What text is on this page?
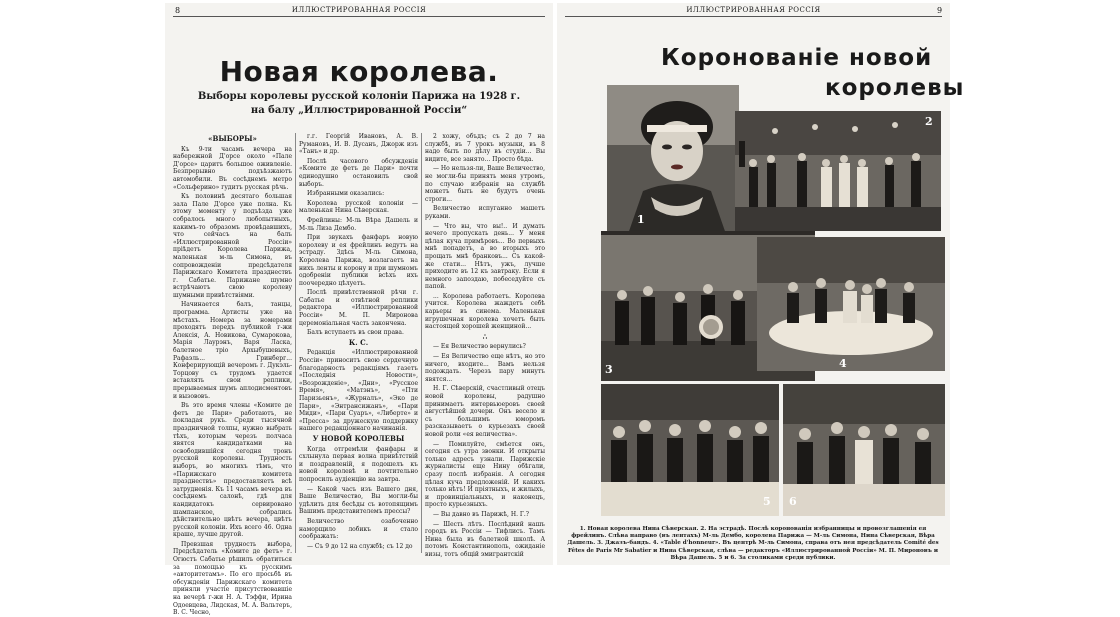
8	ИЛЛЮСТРИРОВАННАЯ РОССIЯ
Новая королева.
Выборы королевы русской колонiи Парижа на 1928 г.
на балу „Иллюстрированной Россiи“
«ВЫБОРЫ»

Къ 9-ти часамъ вечера на набережной Д'орсе около «Пале Д'орсе» царитъ большое оживленiе. Безпрерывно подъѣзжаютъ автомобили. Въ сосѣднемъ метро «Сольферино» гудитъ русская рѣчь.

Къ половинѣ десятаго большая зала Пале Д'орсе уже полна. Къ этому моменту у подъѣзда уже собралось много любопытныхъ, какимъ-то образомъ провѣдавшихъ, что сейчасъ на балъ «Иллюстрированной Россiи» прiѣдетъ Королева Парижа, маленькая м-ль Симона, въ сопровожденiи предсѣдателя Парижскаго Комитета празднествъ г. Сабатье. Парижане шумно встрѣчаютъ свою королеву шумными привѣтствiями.

Начинается балъ, танцы, программа. Артисты уже на мѣстахъ. Номера за номерами проходятъ передъ публикой г-жи Алексiя, А. Новикова, Сумарокова, Марiя Лаурэнъ, Варя Ласка, балетное трiо Архыбушевыхъ, Рафаэль... Гринберг... Конферирующiй вечеромъ г. Дукэль-Торцову съ трудомъ удается вставлять свои реплики, прерываемыя шумъ аплодисментовъ и вызововъ.

Въ это время члены «Комите де фетъ де Пари» работаютъ, не покладая рукъ. Среди тысячной праздничной толпы, нужно выбрать тѣхъ, которым черезъ полчаса явятся кандидатками на освободившiйся сегодня тронъ русской королевы. Трудность выборъ, во многихъ тѣмъ, что «Парижскаго комитета празднествъ» предоставляетъ всѣ затрудненiя. Къ 11 часамъ вечера въ сосѣднемъ салонѣ, гдѣ для кандидатокъ сервировано шампанское, собрались дѣйствительно цвѣтъ вечера, цвѣтъ русской колонiи. Ихъ всего 46. Одна краше, лучше другой.

Превзшая трудность выбора, Предсѣдатель «Комите де фетъ» г. Огюстъ Сабатье рѣшилъ обратиться за помощью къ русскимъ «авторитетамъ». По его просьбѣ въ обсужденiи Парижскаго комитета приняли участiе присутствовавшiе на вечерѣ г-жи Н. А. Тэффи, Ирина Одоевцева, Лидская, М. А. Вальтеръ, В. С. Чесно,

г.г. Георгiй Ивановъ, А. В. Румановъ, И. В. Дусанъ, Джорж изъ «Танъ» и др.

Послѣ часового обсужденiя «Комите де фетъ де Пари» почти единодушно остановилъ свой выборъ.

Избранными оказались:

Королева русской колонiи — маленькая Нина Сѣверская.

Фрейлины: М-ль Вѣра Дашель и М-ль Лиза Дембо.

При звукахъ фанфаръ новую королеву и ея фрейлинъ ведутъ на эстраду. Здѣсь М-ль Симона, Королева Парижа, возлагаетъ на нихъ ленты и корону и при шумномъ одобренiи публики всѣхъ ихъ поочередно цѣлуетъ.

Послѣ привѣтственной рѣчи г. Сабатье и отвѣтной реплики редактора «Иллюстрированной Россiи» М. П. Миронова церемонiальная часть закончена.

Балъ вступаетъ въ свои права.

К. С.

Редакцiя «Иллюстрированной Россiи» приноситъ свою сердечную благодарность редакцiямъ газетъ «Последнiя Новости», «Возрожденiе», «Дни», «Русское Время», «Матэнъ», «Пти Паризьенъ», «Журналъ», «Эко де Пари», «Энтрансижанъ», «Пари Миди», «Пари Суаръ», «Либерте» и «Пресса» за дружескую поддержку нашего редакцiоннаго начинанiя.

У НОВОЙ КОРОЛЕВЫ

Когда отгремѣли фанфары и схлынула первая волна привѣтствiй и поздравленiй, я подошелъ къ новой королевѣ и почтительно попросилъ аудiенцiю на завтра.

— Какой часъ изъ Вашего дня, Ваше Величество, Вы могли-бы удѣлить для бесѣды съ вотопящимъ Вашимъ представителемъ прессы?

Величество озабоченно наморщило лобикъ и стало соображать:

— Съ 9 до 12 на службѣ; съ 12 до

2 хожу, объдъ; съ 2 до 7 на службѣ, въ 7 урокъ музыки, въ 8 надо быть по дѣлу въ студiи... Вы видите, все занято... Просто бѣда.

— Но нельзя-ли, Ваше Величество, не могли-бы принять меня утромъ, по случаю избранiя на службѣ можетъ быть не будутъ очень строги...

Величество испуганно машетъ руками.

— Что вы, что вы!.. И думать нечего пропускать день... У меня цѣлая куча примѣровъ... Во первыхъ мнѣ попадетъ, а во вторыхъ это прощать мнѣ бранковъ... Съ какой-же стати... Нѣтъ, ужъ, лучше приходите въ 12 къ завтраку. Если я немного запоздаю, побеседуйте съ папой.

... Королева работаетъ. Королева учится. Королева жаждетъ себѣ карьеры въ синема. Маленькая игрушечная королева хочетъ быть настоящей хорошей женщиной...

∴

— Ея Величество вернулись?

— Ея Величество еще нѣтъ, но это ничего, входите... Вамъ нельзя подождать. Черезъ пару минутъ явятся...

Н. Г. Сѣверскiй, счастливый отецъ новой королевы, радушно принимаетъ интервьюеровъ своей августѣйшей дочери. Онъ весело и съ большимъ юморомъ разсказываетъ о курьезахъ своей новой роли «ея величества».

— Помилуйте, смѣется онъ, сегодня съ утра звонки. И открыты только адресъ узнали. Парижскiе журналисты еще Нину обѣгали, сразу послѣ избранiя. А сегодня цѣлая куча предложенiй. И какихъ только нѣтъ! И прiятныхъ, и жилыхъ, и провинцiальныхъ, и наконецъ, просто курьезныхъ.

— Вы давно въ Парижѣ, Н. Г.?

— Шесть лѣтъ. Послѣдний нашъ городъ въ Россiи — Тифлисъ. Тамъ Нина была въ балетной школѣ. А потомъ Константинополь, ожиданiе визы, тотъ общiй эмигрантскiй

ИЛЛЮСТРИРОВАННАЯ РОССIЯ	9
Коронованiе новой
королевы
1
2
3	4
5 6
1. Новая королева Нина Сѣверская. 2. На эстрадѣ. Послѣ коронованiя избранницы и провозглашенiя ея фрейлинъ. Слѣва направо (въ лентахъ) М-ль Дембо, королева Парижа — М-ль Симона, Нина Сѣверская, Вѣра Дашель. 3. Джазъ-бандъ. 4. «Table d'honneur». Въ центрѣ М-ль Симона, справа отъ нея предсѣдатель Comité des Fêtes de Paris Mr Sabatier и Нина Сѣверская, слѣва — редакторъ «Иллюстрированной Россiи» М. П. Мироновъ и Вѣра Дашель. 5 и 6. За столиками среди публики.
